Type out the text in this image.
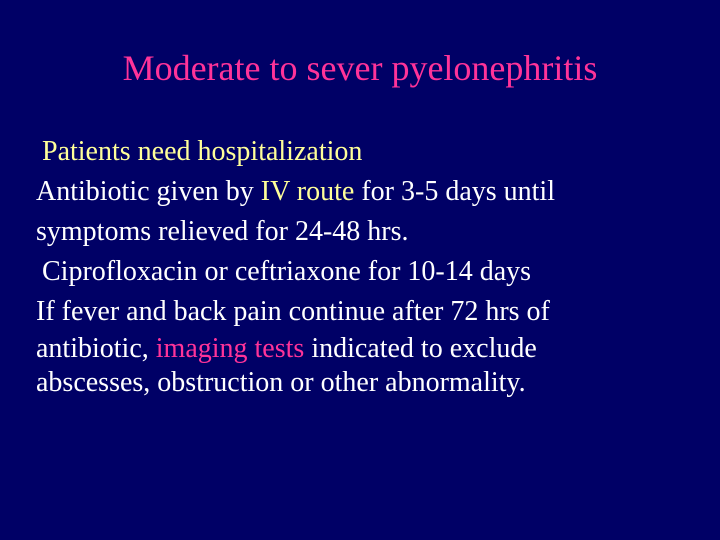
Moderate to sever pyelonephritis

Patients need hospitalization

Antibiotic given by IV route for 3-5 days until

symptoms relieved for 24-48 hrs.

Ciprofloxacin or ceftriaxone for 10-14 days

If fever and back pain continue after 72 hrs of

antibiotic, imaging tests indicated to exclude

abscesses, obstruction or other abnormality.
